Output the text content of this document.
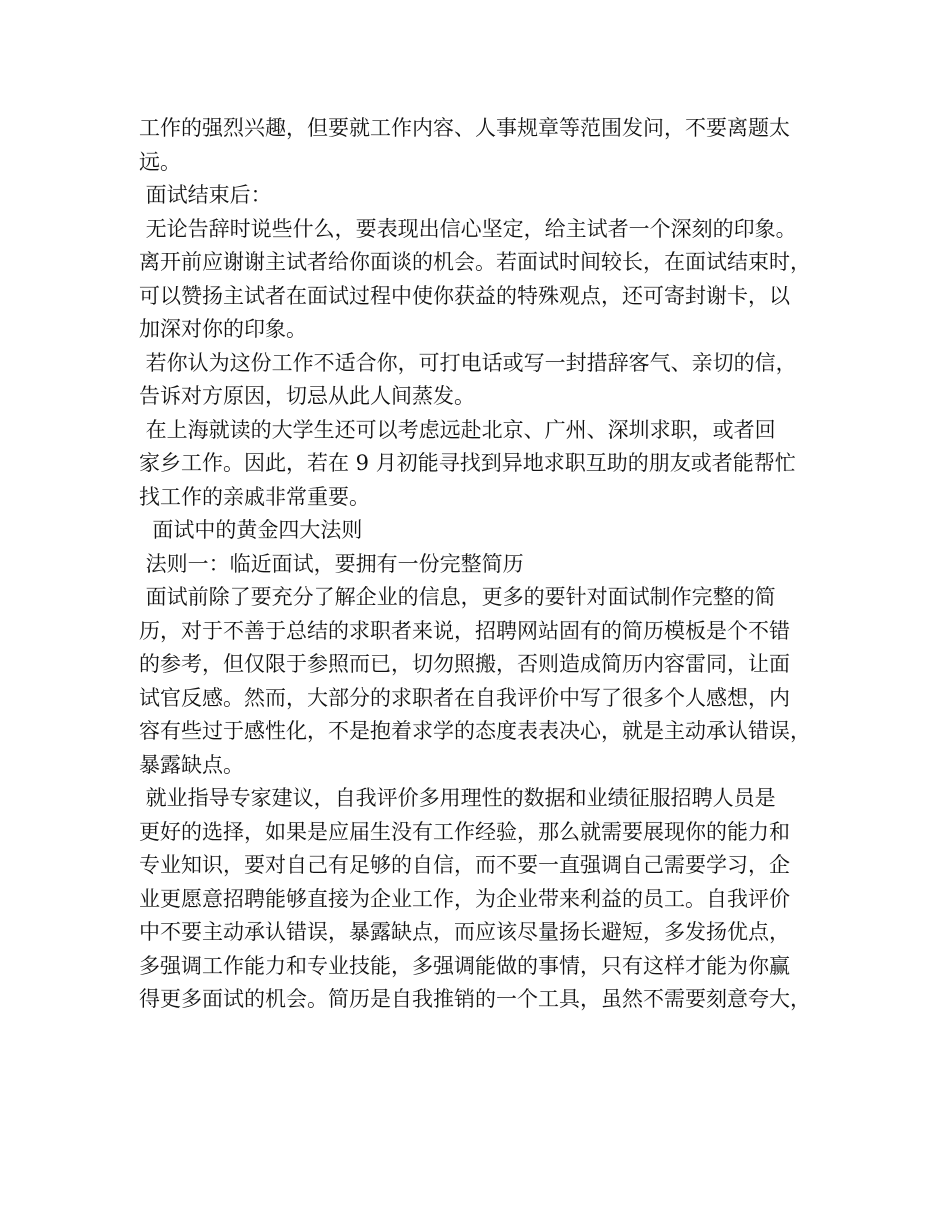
工作的强烈兴趣，但要就工作内容、人事规章等范围发问，不要离题太
远。
面试结束后：
无论告辞时说些什么，要表现出信心坚定，给主试者一个深刻的印象。
离开前应谢谢主试者给你面谈的机会。若面试时间较长，在面试结束时，
可以赞扬主试者在面试过程中使你获益的特殊观点，还可寄封谢卡，以
加深对你的印象。
若你认为这份工作不适合你，可打电话或写一封措辞客气、亲切的信，
告诉对方原因，切忌从此人间蒸发。
在上海就读的大学生还可以考虑远赴北京、广州、深圳求职，或者回
家乡工作。因此，若在 9 月初能寻找到异地求职互助的朋友或者能帮忙
找工作的亲戚非常重要。
面试中的黄金四大法则
法则一：临近面试，要拥有一份完整简历
面试前除了要充分了解企业的信息，更多的要针对面试制作完整的简
历，对于不善于总结的求职者来说，招聘网站固有的简历模板是个不错
的参考，但仅限于参照而已，切勿照搬，否则造成简历内容雷同，让面
试官反感。然而，大部分的求职者在自我评价中写了很多个人感想，内
容有些过于感性化，不是抱着求学的态度表表决心，就是主动承认错误，
暴露缺点。
就业指导专家建议，自我评价多用理性的数据和业绩征服招聘人员是
更好的选择，如果是应届生没有工作经验，那么就需要展现你的能力和
专业知识，要对自己有足够的自信，而不要一直强调自己需要学习，企
业更愿意招聘能够直接为企业工作，为企业带来利益的员工。自我评价
中不要主动承认错误，暴露缺点，而应该尽量扬长避短，多发扬优点，
多强调工作能力和专业技能，多强调能做的事情，只有这样才能为你赢
得更多面试的机会。简历是自我推销的一个工具，虽然不需要刻意夸大，
